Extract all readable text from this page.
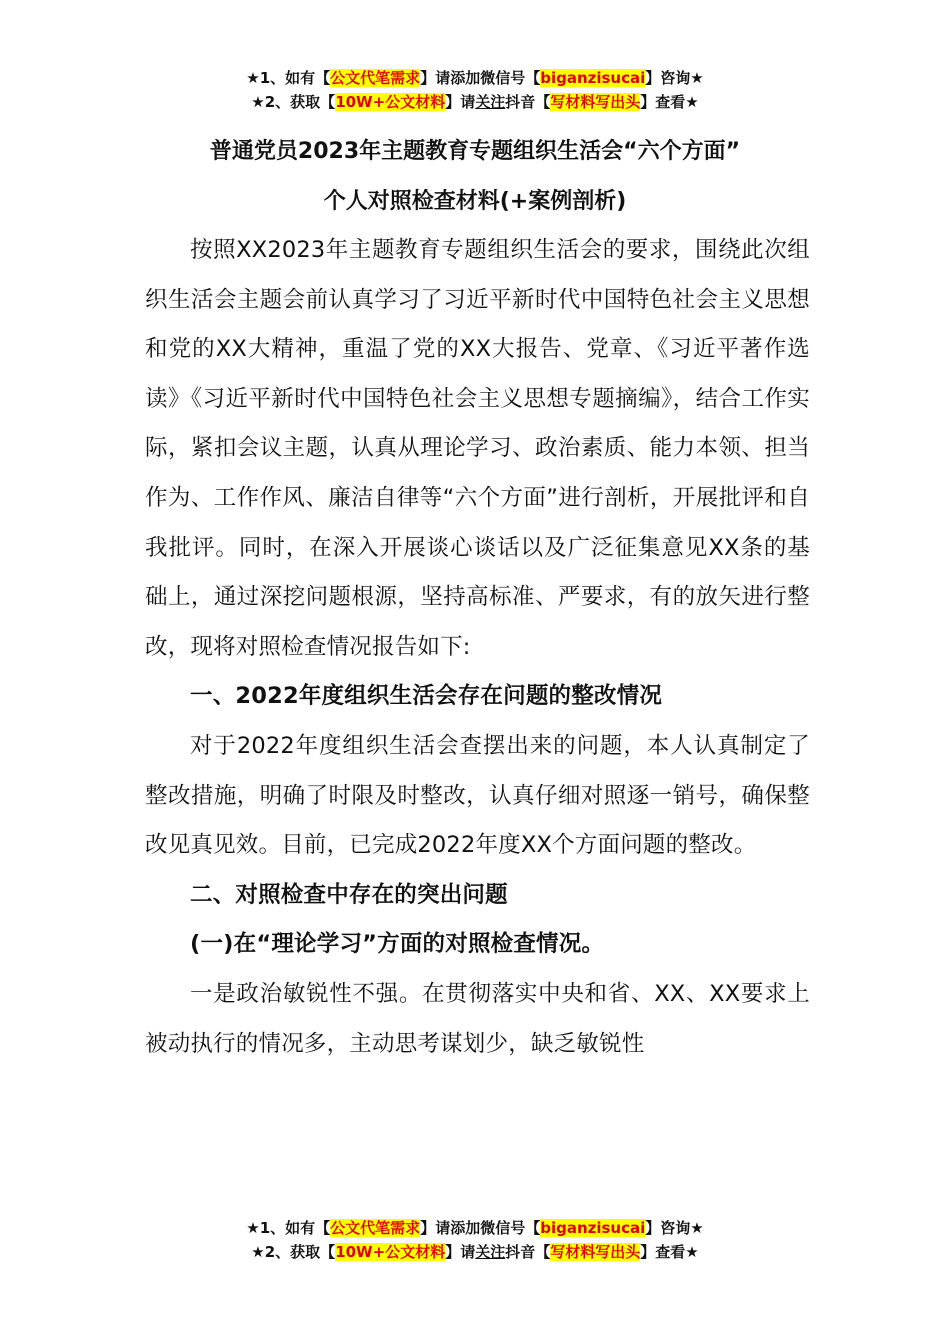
★1、如有【公文代笔需求】请添加微信号【biganzisucai】咨询★
★2、获取【10W+公文材料】请关注抖音【写材料写出头】查看★
普通党员2023年主题教育专题组织生活会“六个方面”
个人对照检查材料(+案例剖析)

按照XX2023年主题教育专题组织生活会的要求，围绕此次组织生活会主题会前认真学习了习近平新时代中国特色社会主义思想和党的XX大精神，重温了党的XX大报告、党章、《习近平著作选读》《习近平新时代中国特色社会主义思想专题摘编》，结合工作实际，紧扣会议主题，认真从理论学习、政治素质、能力本领、担当作为、工作作风、廉洁自律等“六个方面”进行剖析，开展批评和自我批评。同时，在深入开展谈心谈话以及广泛征集意见XX条的基础上，通过深挖问题根源，坚持高标准、严要求，有的放矢进行整改，现将对照检查情况报告如下:

一、2022年度组织生活会存在问题的整改情况

对于2022年度组织生活会查摆出来的问题，本人认真制定了整改措施，明确了时限及时整改，认真仔细对照逐一销号，确保整改见真见效。目前，已完成2022年度XX个方面问题的整改。

二、对照检查中存在的突出问题

(一)在“理论学习”方面的对照检查情况。

一是政治敏锐性不强。在贯彻落实中央和省、XX、XX要求上被动执行的情况多，主动思考谋划少，缺乏敏锐性

★1、如有【公文代笔需求】请添加微信号【biganzisucai】咨询★
★2、获取【10W+公文材料】请关注抖音【写材料写出头】查看★
